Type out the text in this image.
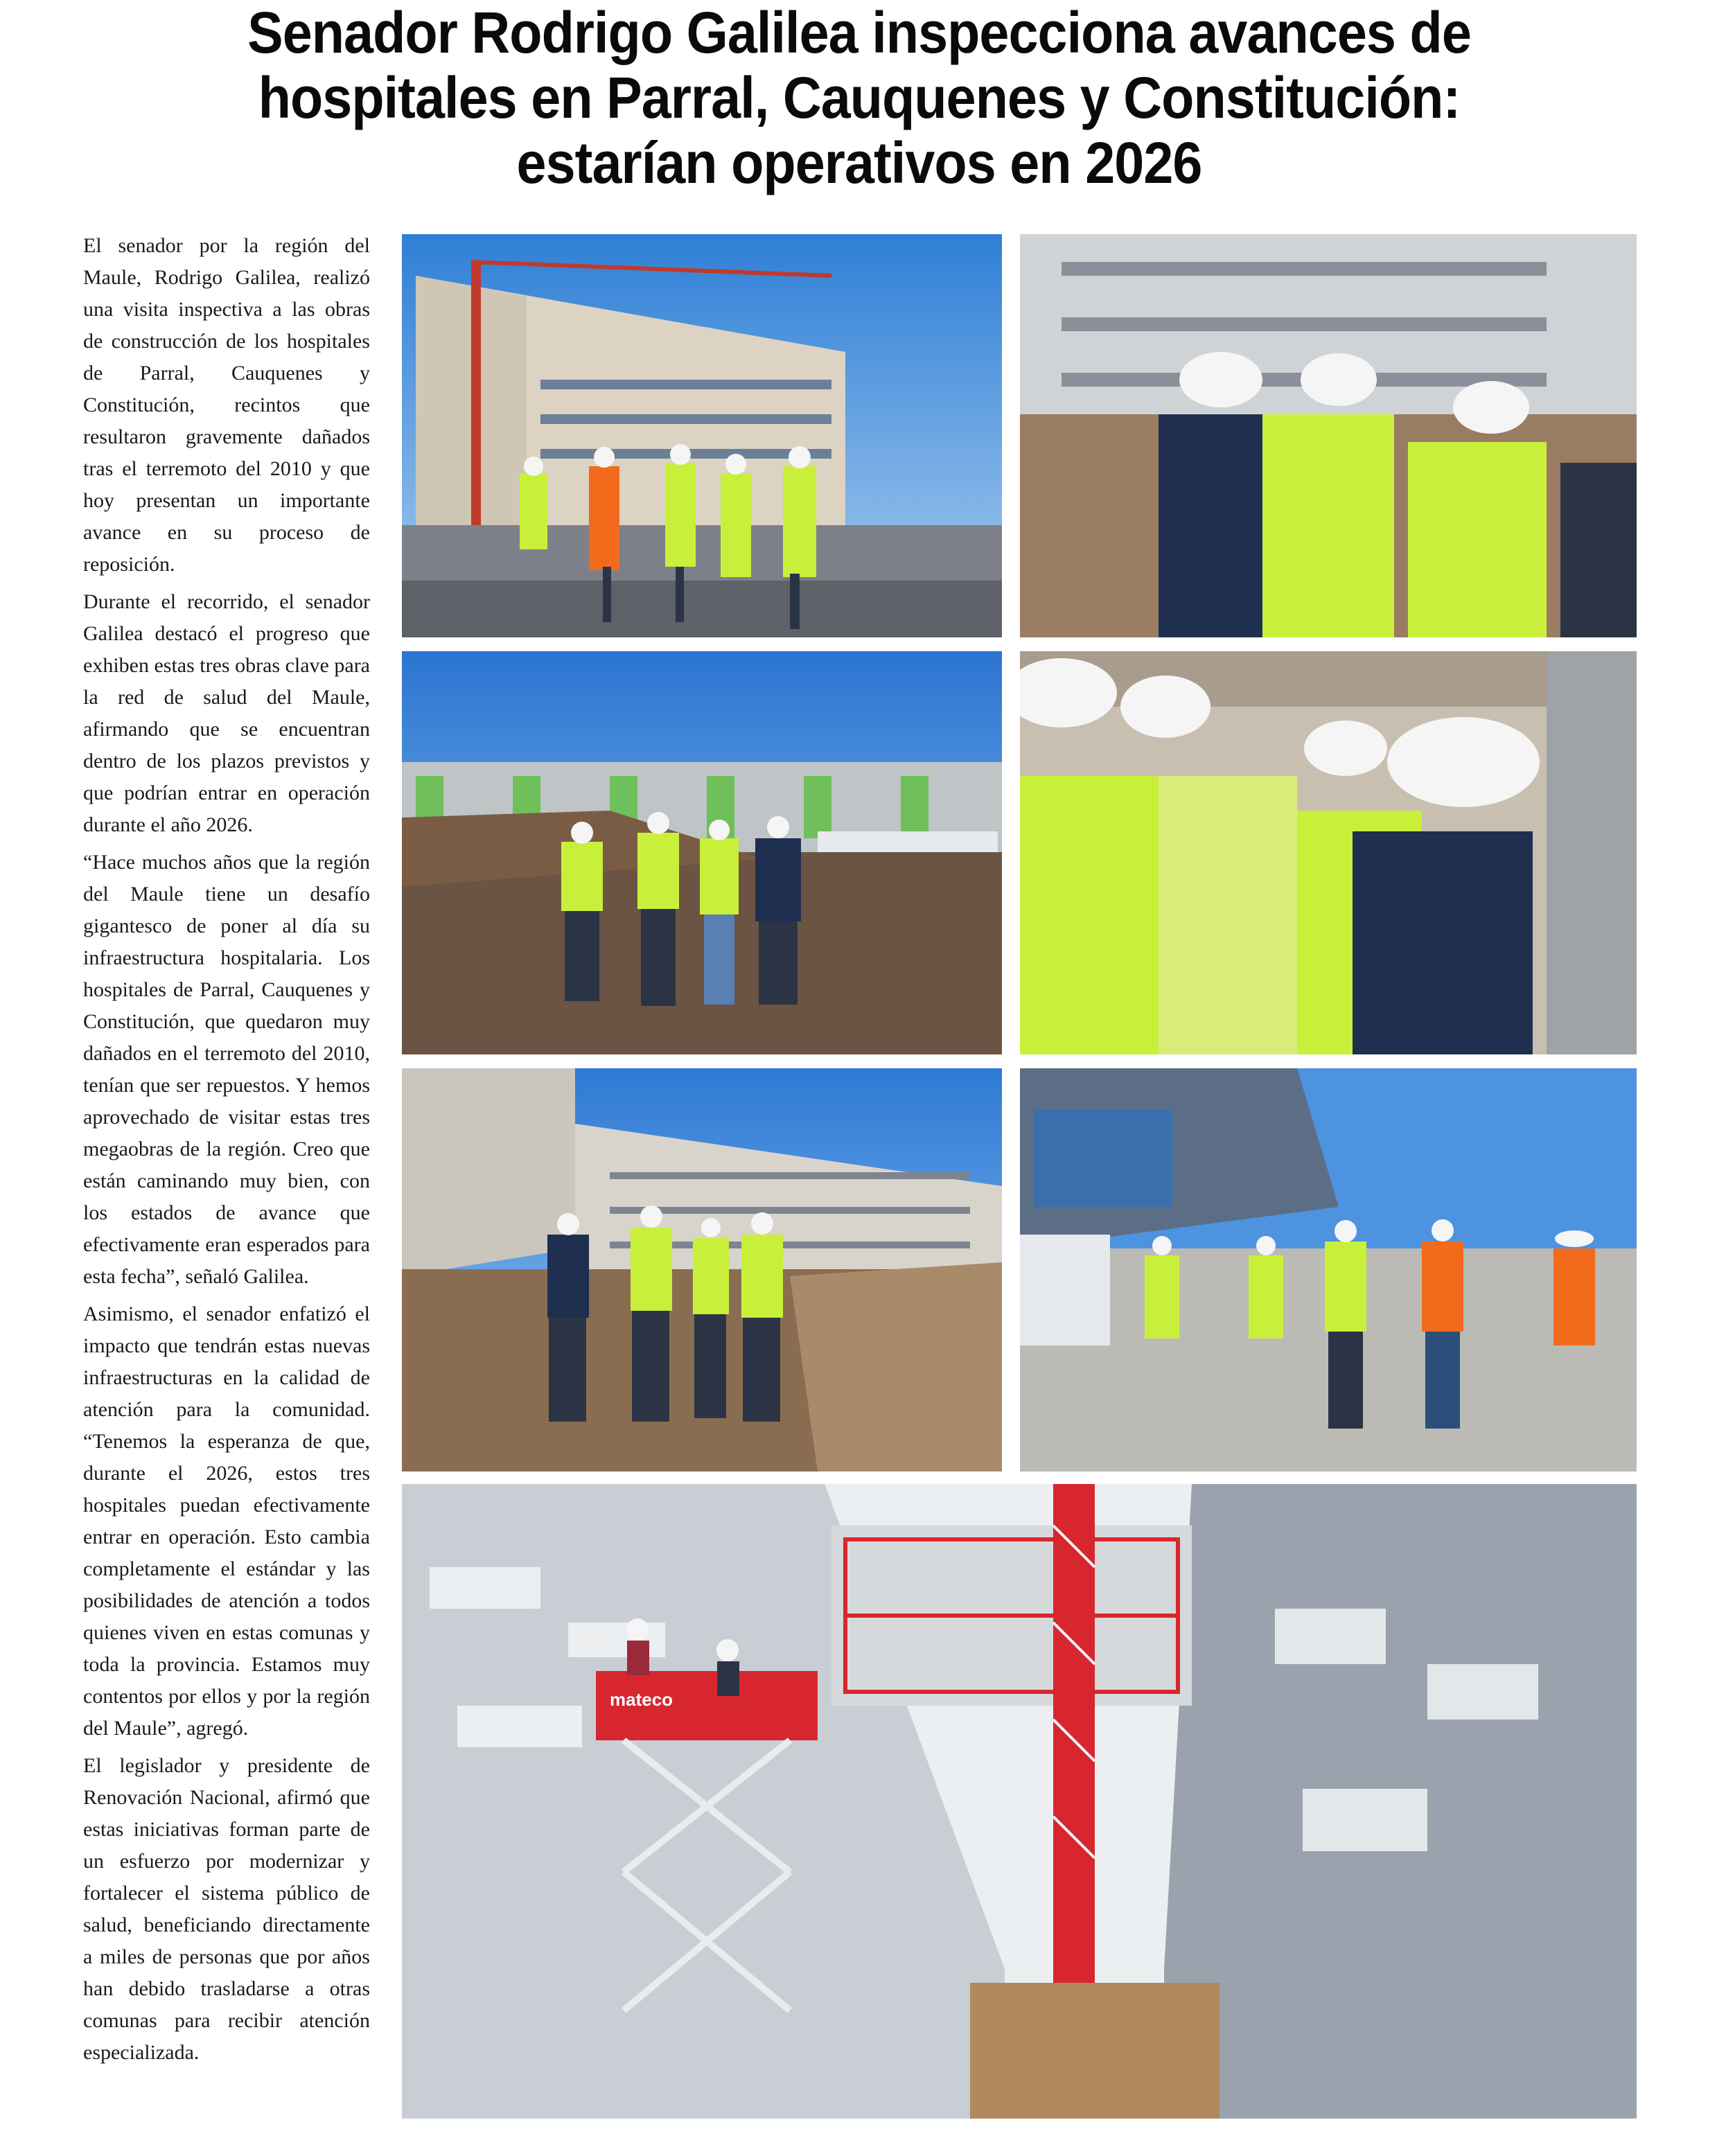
Senador Rodrigo Galilea inspecciona avances de
hospitales en Parral, Cauquenes y Constitución:
estarían operativos en 2026

El senador por la región del Maule, Rodrigo Galilea, realizó una visita inspectiva a las obras de construcción de los hospitales de Parral, Cauquenes y Constitución, recintos que resultaron gravemente dañados tras el terremoto del 2010 y que hoy presentan un importante avance en su proceso de reposición.

Durante el recorrido, el senador Galilea destacó el progreso que exhiben estas tres obras clave para la red de salud del Maule, afirmando que se encuentran dentro de los plazos previstos y que podrían entrar en operación durante el año 2026.

“Hace muchos años que la región del Maule tiene un desafío gigantesco de poner al día su infraestructura hospitalaria. Los hospitales de Parral, Cauquenes y Constitución, que quedaron muy dañados en el terremoto del 2010, tenían que ser repuestos. Y hemos aprovechado de visitar estas tres megaobras de la región. Creo que están caminando muy bien, con los estados de avance que efectivamente eran esperados para esta fecha”, señaló Galilea.

Asimismo, el senador enfatizó el impacto que tendrán estas nuevas infraestructuras en la calidad de atención para la comunidad. “Tenemos la esperanza de que, durante el 2026, estos tres hospitales puedan efectivamente entrar en operación. Esto cambia completamente el estándar y las posibilidades de atención a todos quienes viven en estas comunas y toda la provincia. Estamos muy contentos por ellos y por la región del Maule”, agregó.

El legislador y presidente de Renovación Nacional, afirmó que estas iniciativas forman parte de un esfuerzo por modernizar y fortalecer el sistema público de salud, beneficiando directamente a miles de personas que por años han debido trasladarse a otras comunas para recibir atención especializada.

mateco
